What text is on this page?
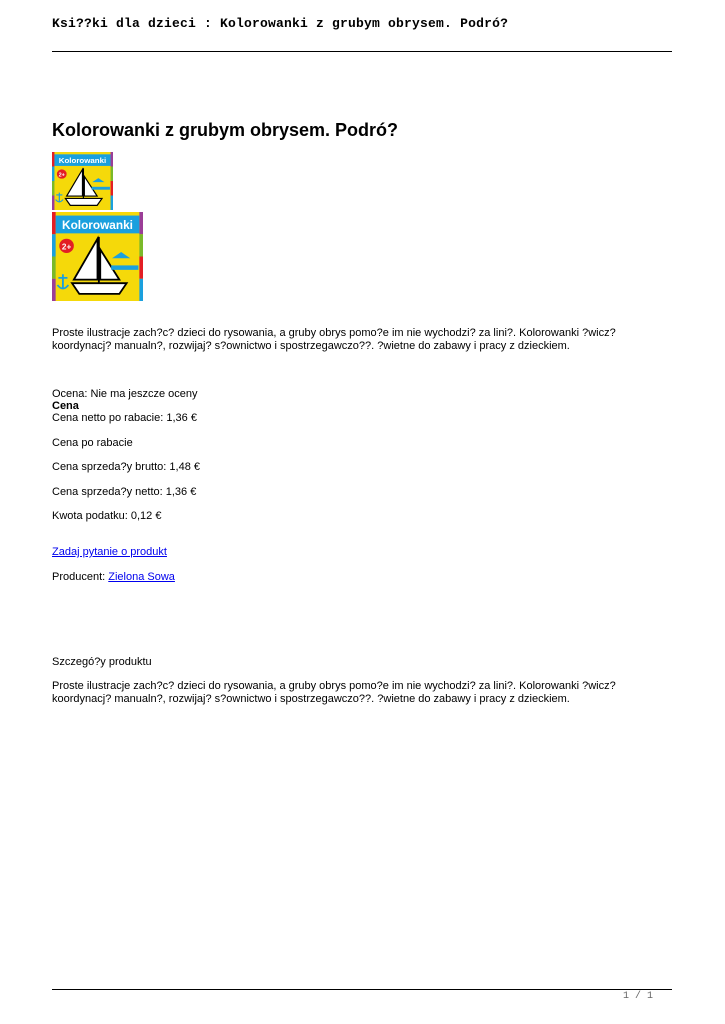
Ksi??ki dla dzieci : Kolorowanki z grubym obrysem. Podró?
Kolorowanki z grubym obrysem. Podró?
Kolorowanki
2+
Kolorowanki
2+

Proste ilustracje zach?c? dzieci do rysowania, a gruby obrys pomo?e im nie wychodzi? za lini?. Kolorowanki ?wicz? koordynacj? manualn?, rozwijaj? s?ownictwo i spostrzegawczo??. ?wietne do zabawy i pracy z dzieckiem.

Ocena: Nie ma jeszcze oceny
Cena
Cena netto po rabacie: 1,36 €
Cena po rabacie
Cena sprzeda?y brutto: 1,48 €
Cena sprzeda?y netto: 1,36 €
Kwota podatku: 0,12 €
Zadaj pytanie o produkt
Producent: Zielona Sowa
Szczegó?y produktu

Proste ilustracje zach?c? dzieci do rysowania, a gruby obrys pomo?e im nie wychodzi? za lini?. Kolorowanki ?wicz? koordynacj? manualn?, rozwijaj? s?ownictwo i spostrzegawczo??. ?wietne do zabawy i pracy z dzieckiem.

1 / 1
